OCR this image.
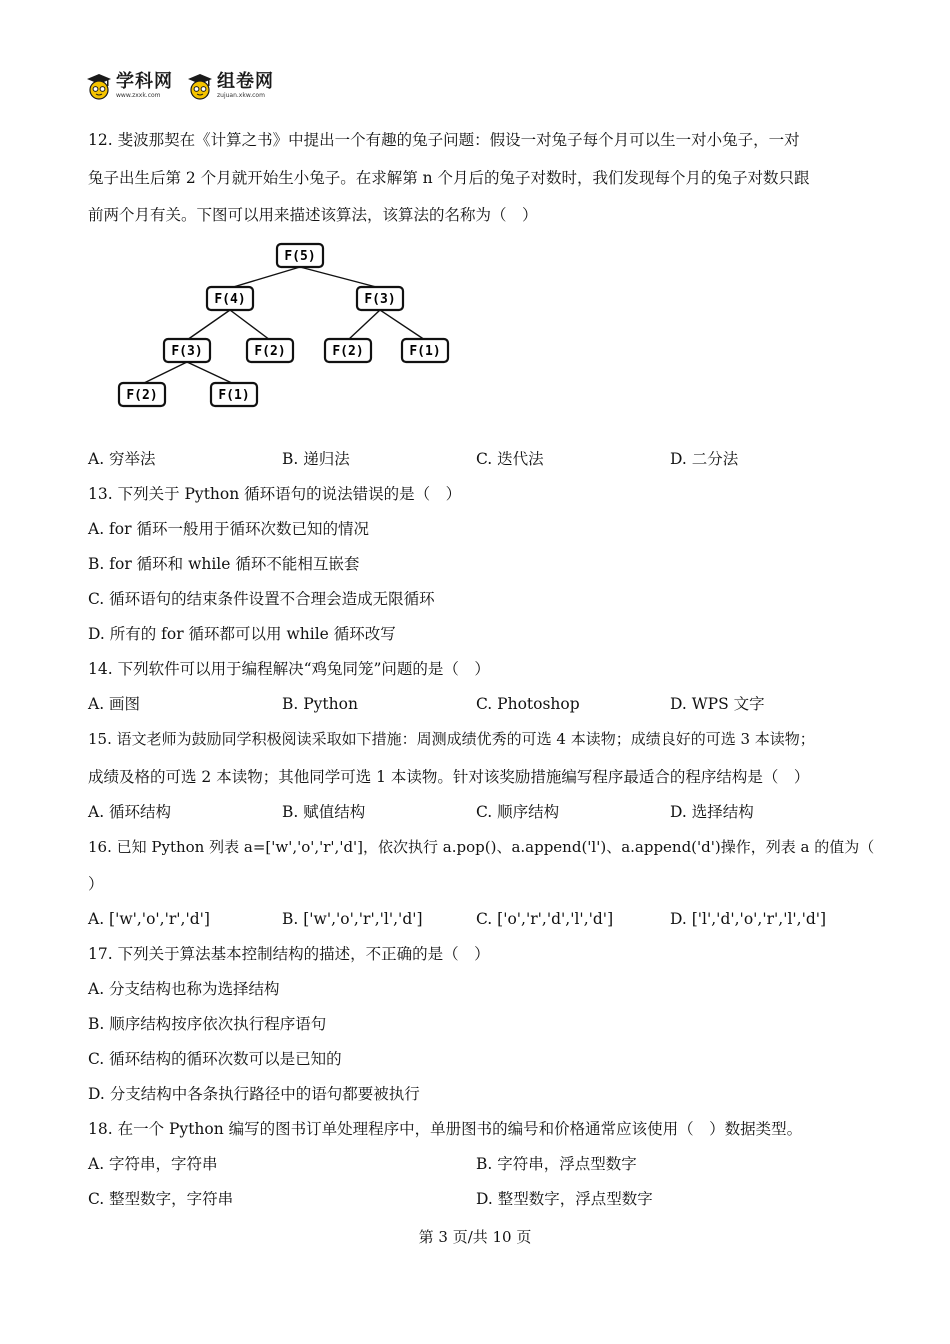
学科网
www.zxxk.com
组卷网
zujuan.xkw.com
12. 斐波那契在《计算之书》中提出一个有趣的兔子问题：假设一对兔子每个月可以生一对小兔子，一对
兔子出生后第 2 个月就开始生小兔子。在求解第 n 个月后的兔子对数时，我们发现每个月的兔子对数只跟
前两个月有关。下图可以用来描述该算法，该算法的名称为（　）
F(5)
F(4)	F(3)
F(3)	F(2)	F(2)	F(1)
F(2)	F(1)
A. 穷举法	B. 递归法	C. 迭代法	D. 二分法
13. 下列关于 Python 循环语句的说法错误的是（　）
A. for 循环一般用于循环次数已知的情况
B. for 循环和 while 循环不能相互嵌套
C. 循环语句的结束条件设置不合理会造成无限循环
D. 所有的 for 循环都可以用 while 循环改写
14. 下列软件可以用于编程解决“鸡兔同笼”问题的是（　）
A. 画图	B. Python	C. Photoshop	D. WPS 文字
15. 语文老师为鼓励同学积极阅读采取如下措施：周测成绩优秀的可选 4 本读物；成绩良好的可选 3 本读物；
成绩及格的可选 2 本读物；其他同学可选 1 本读物。针对该奖励措施编写程序最适合的程序结构是（　）
A. 循环结构	B. 赋值结构	C. 顺序结构	D. 选择结构
16. 已知 Python 列表 a=['w','o','r','d']，依次执行 a.pop()、a.append('l')、a.append('d')操作，列表 a 的值为（
）
A. ['w','o','r','d']	B. ['w','o','r','l','d']	C. ['o','r','d','l','d']	D. ['l','d','o','r','l','d']
17. 下列关于算法基本控制结构的描述，不正确的是（　）
A. 分支结构也称为选择结构
B. 顺序结构按序依次执行程序语句
C. 循环结构的循环次数可以是已知的
D. 分支结构中各条执行路径中的语句都要被执行
18. 在一个 Python 编写的图书订单处理程序中，单册图书的编号和价格通常应该使用（　）数据类型。
A. 字符串，字符串	B. 字符串，浮点型数字
C. 整型数字，字符串	D. 整型数字，浮点型数字
第 3 页/共 10 页
